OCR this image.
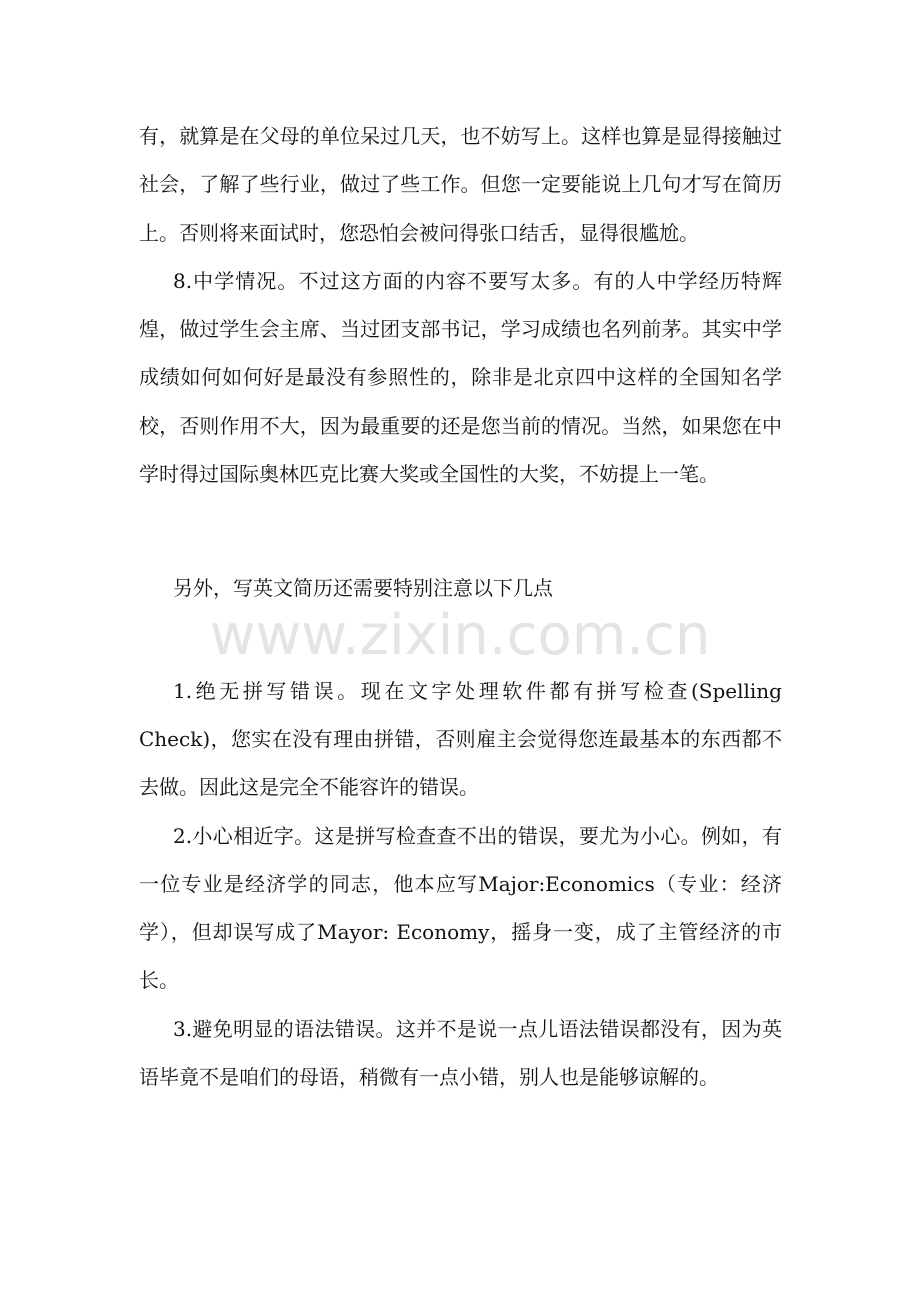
www.zixin.com.cn

有，就算是在父母的单位呆过几天，也不妨写上。这样也算是显得接触过社会，了解了些行业，做过了些工作。但您一定要能说上几句才写在简历上。否则将来面试时，您恐怕会被问得张口结舌，显得很尴尬。

8.中学情况。不过这方面的内容不要写太多。有的人中学经历特辉煌，做过学生会主席、当过团支部书记，学习成绩也名列前茅。其实中学成绩如何如何好是最没有参照性的，除非是北京四中这样的全国知名学校，否则作用不大，因为最重要的还是您当前的情况。当然，如果您在中学时得过国际奥林匹克比赛大奖或全国性的大奖，不妨提上一笔。

另外，写英文简历还需要特别注意以下几点

1.绝无拼写错误。现在文字处理软件都有拼写检查(Spelling Check)，您实在没有理由拼错，否则雇主会觉得您连最基本的东西都不去做。因此这是完全不能容许的错误。

2.小心相近字。这是拼写检查查不出的错误，要尤为小心。例如，有一位专业是经济学的同志，他本应写Major:Economics（专业：经济学），但却误写成了Mayor: Economy，摇身一变，成了主管经济的市长。

3.避免明显的语法错误。这并不是说一点儿语法错误都没有，因为英语毕竟不是咱们的母语，稍微有一点小错，别人也是能够谅解的。
